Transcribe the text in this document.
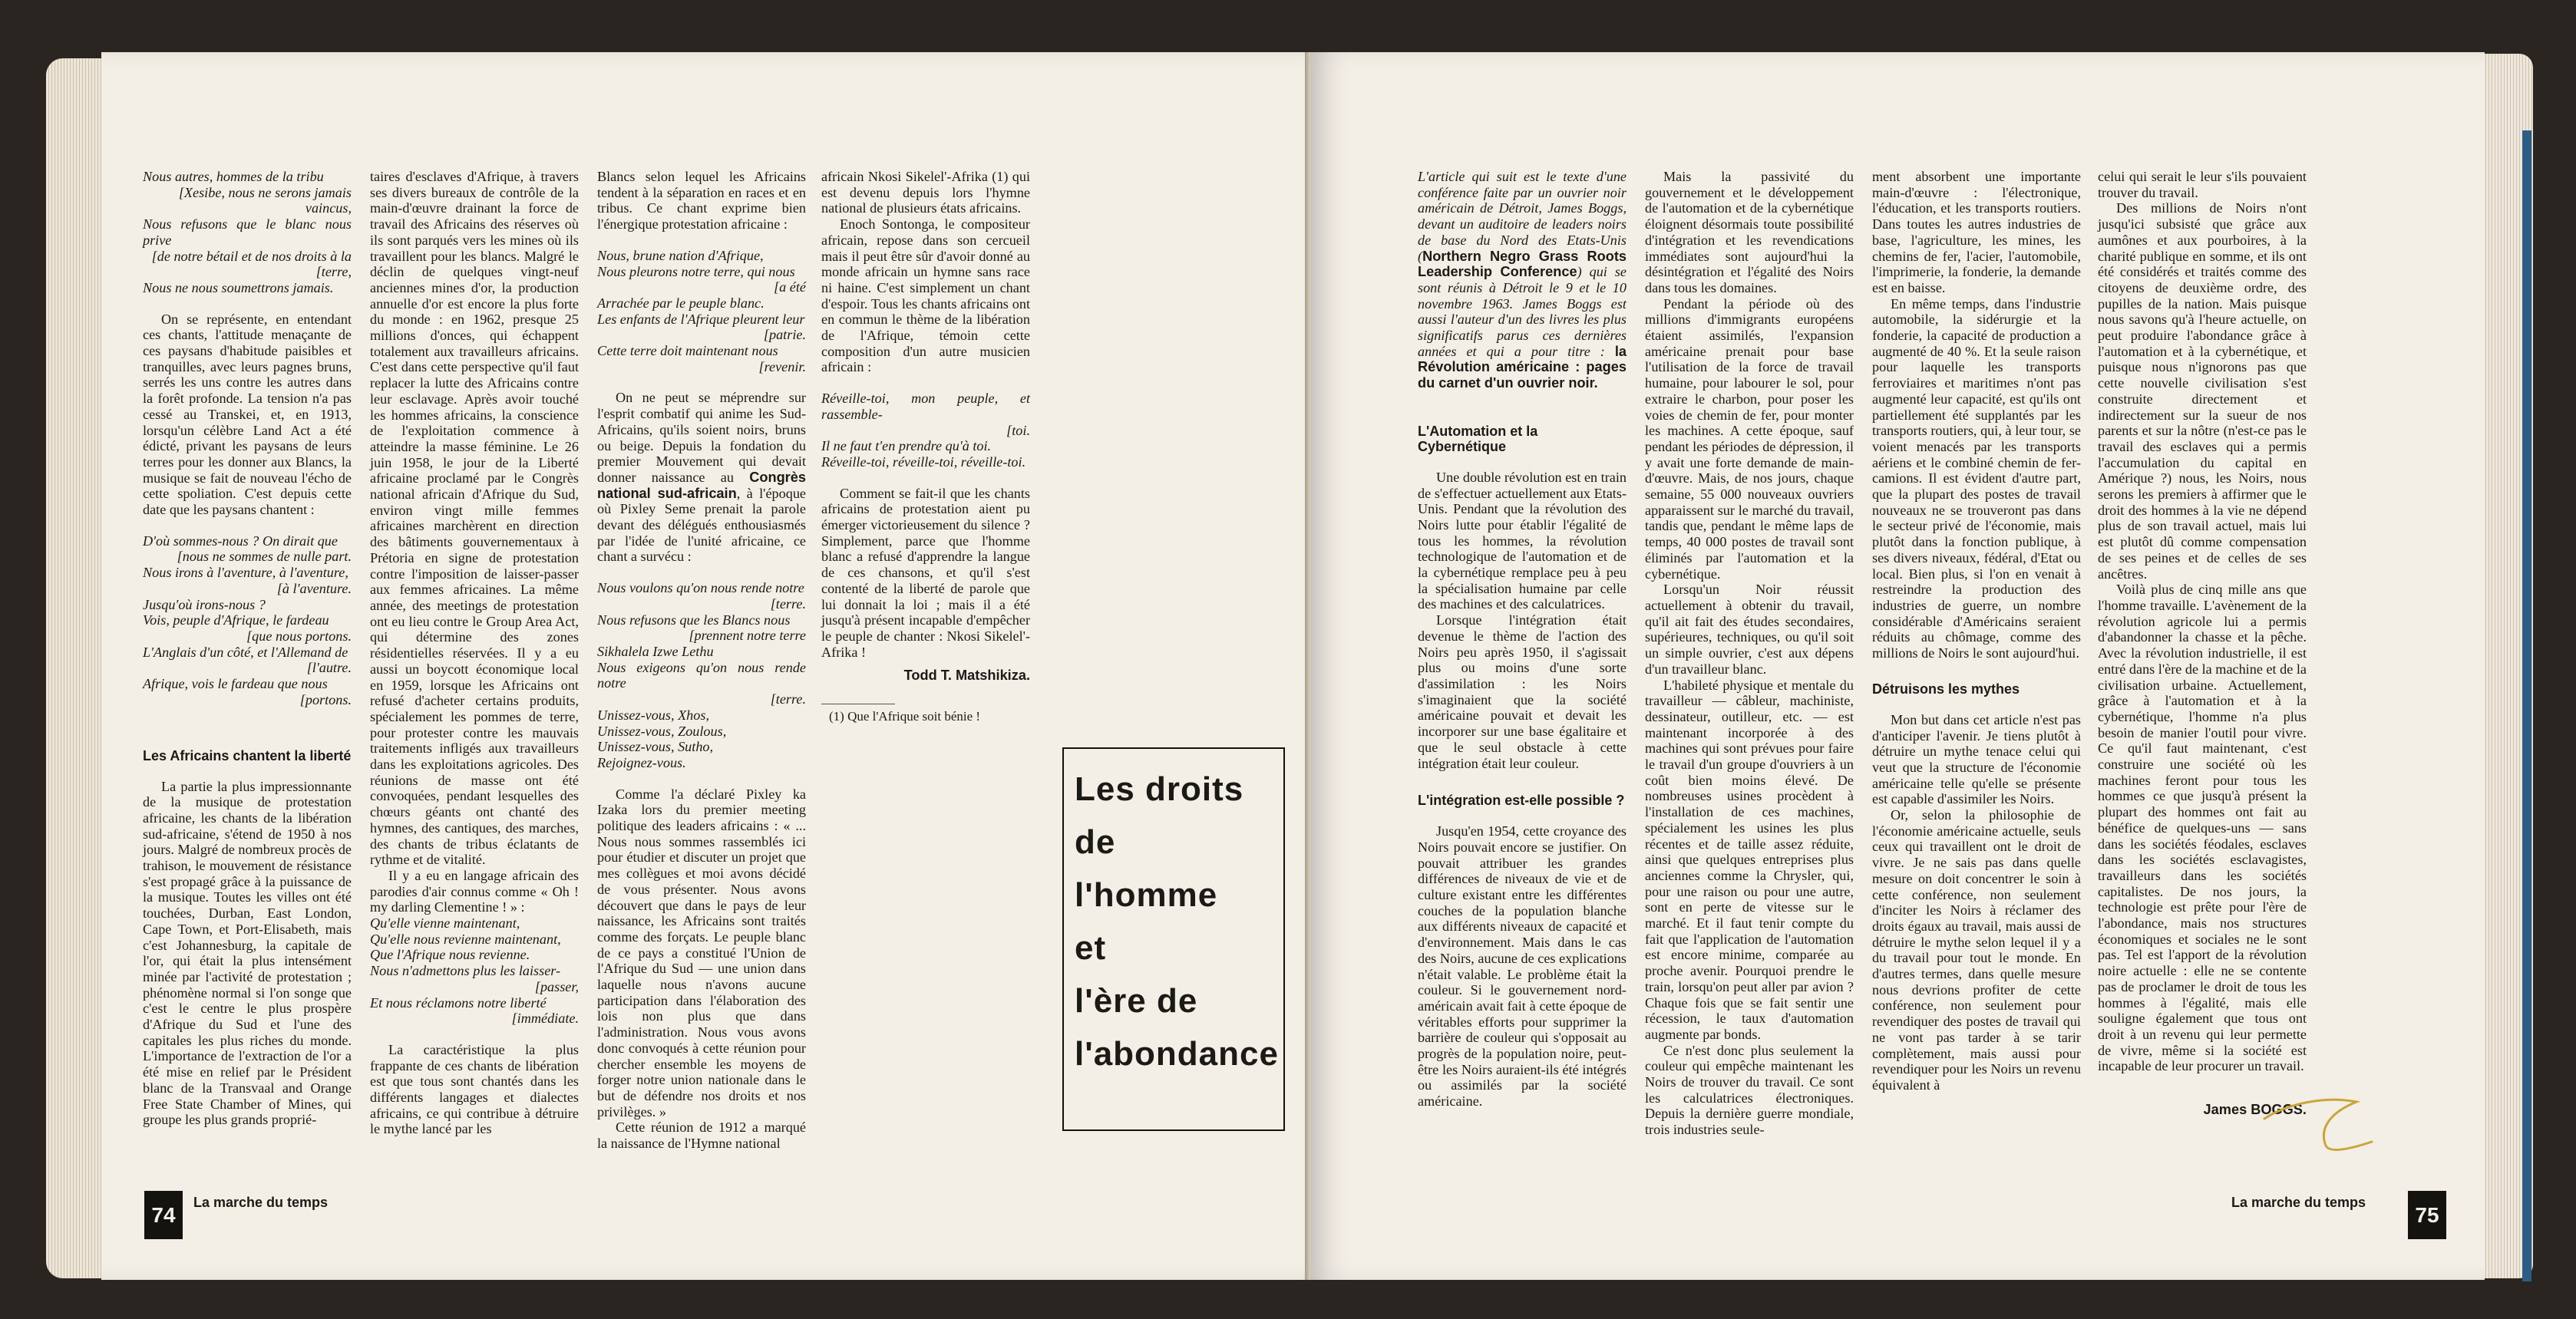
Nous autres, hommes de la tribu
[Xesibe, nous ne serons jamais
vaincus,
Nous refusons que le blanc nous prive
[de notre bétail et de nos droits à la
[terre,
Nous ne nous soumettrons jamais.

On se représente, en entendant ces chants, l'attitude menaçante de ces paysans d'habitude paisibles et tranquilles, avec leurs pagnes bruns, serrés les uns contre les autres dans la forêt profonde. La tension n'a pas cessé au Transkei, et, en 1913, lorsqu'un célèbre Land Act a été édicté, privant les paysans de leurs terres pour les donner aux Blancs, la musique se fait de nouveau l'écho de cette spoliation. C'est depuis cette date que les paysans chantent :

D'où sommes-nous ? On dirait que
[nous ne sommes de nulle part.
Nous irons à l'aventure, à l'aventure,
[à l'aventure.
Jusqu'où irons-nous ?
Vois, peuple d'Afrique, le fardeau
[que nous portons.
L'Anglais d'un côté, et l'Allemand de
[l'autre.
Afrique, vois le fardeau que nous
[portons.
Les Africains chantent la liberté

La partie la plus impressionnante de la musique de protestation africaine, les chants de la libération sud-africaine, s'étend de 1950 à nos jours. Malgré de nombreux procès de trahison, le mouvement de résistance s'est propagé grâce à la puissance de la musique. Toutes les villes ont été touchées, Durban, East London, Cape Town, et Port-Elisabeth, mais c'est Johannesburg, la capitale de l'or, qui était la plus intensément minée par l'activité de protestation ; phénomène normal si l'on songe que c'est le centre le plus prospère d'Afrique du Sud et l'une des capitales les plus riches du monde. L'importance de l'extraction de l'or a été mise en relief par le Président blanc de la Transvaal and Orange Free State Chamber of Mines, qui groupe les plus grands proprié-

taires d'esclaves d'Afrique, à travers ses divers bureaux de contrôle de la main-d'œuvre drainant la force de travail des Africains des réserves où ils sont parqués vers les mines où ils travaillent pour les blancs. Malgré le déclin de quelques vingt-neuf anciennes mines d'or, la production annuelle d'or est encore la plus forte du monde : en 1962, presque 25 millions d'onces, qui échappent totalement aux travailleurs africains. C'est dans cette perspective qu'il faut replacer la lutte des Africains contre leur esclavage. Après avoir touché les hommes africains, la conscience de l'exploitation commence à atteindre la masse féminine. Le 26 juin 1958, le jour de la Liberté africaine proclamé par le Congrès national africain d'Afrique du Sud, environ vingt mille femmes africaines marchèrent en direction des bâtiments gouvernementaux à Prétoria en signe de protestation contre l'imposition de laisser-passer aux femmes africaines. La même année, des meetings de protestation ont eu lieu contre le Group Area Act, qui détermine des zones résidentielles réservées. Il y a eu aussi un boycott économique local en 1959, lorsque les Africains ont refusé d'acheter certains produits, spécialement les pommes de terre, pour protester contre les mauvais traitements infligés aux travailleurs dans les exploitations agricoles. Des réunions de masse ont été convoquées, pendant lesquelles des chœurs géants ont chanté des hymnes, des cantiques, des marches, des chants de tribus éclatants de rythme et de vitalité.

Il y a eu en langage africain des parodies d'air connus comme « Oh ! my darling Clementine ! » :

Qu'elle vienne maintenant,
Qu'elle nous revienne maintenant,
Que l'Afrique nous revienne.
Nous n'admettons plus les laisser-
[passer,
Et nous réclamons notre liberté
[immédiate.

La caractéristique la plus frappante de ces chants de libération est que tous sont chantés dans les différents langages et dialectes africains, ce qui contribue à détruire le mythe lancé par les

Blancs selon lequel les Africains tendent à la séparation en races et en tribus. Ce chant exprime bien l'énergique protestation africaine :

Nous, brune nation d'Afrique,
Nous pleurons notre terre, qui nous
[a été
Arrachée par le peuple blanc.
Les enfants de l'Afrique pleurent leur
[patrie.
Cette terre doit maintenant nous
[revenir.

On ne peut se méprendre sur l'esprit combatif qui anime les Sud-Africains, qu'ils soient noirs, bruns ou beige. Depuis la fondation du premier Mouvement qui devait donner naissance au Congrès national sud-africain, à l'époque où Pixley Seme prenait la parole devant des délégués enthousiasmés par l'idée de l'unité africaine, ce chant a survécu :

Nous voulons qu'on nous rende notre
[terre.
Nous refusons que les Blancs nous
[prennent notre terre
Sikhalela Izwe Lethu
Nous exigeons qu'on nous rende notre
[terre.
Unissez-vous, Xhos,
Unissez-vous, Zoulous,
Unissez-vous, Sutho,
Rejoignez-vous.

Comme l'a déclaré Pixley ka Izaka lors du premier meeting politique des leaders africains : « ... Nous nous sommes rassemblés ici pour étudier et discuter un projet que mes collègues et moi avons décidé de vous présenter. Nous avons découvert que dans le pays de leur naissance, les Africains sont traités comme des forçats. Le peuple blanc de ce pays a constitué l'Union de l'Afrique du Sud — une union dans laquelle nous n'avons aucune participation dans l'élaboration des lois non plus que dans l'administration. Nous vous avons donc convoqués à cette réunion pour chercher ensemble les moyens de forger notre union nationale dans le but de défendre nos droits et nos privilèges. »

Cette réunion de 1912 a marqué la naissance de l'Hymne national

africain Nkosi Sikelel'-Afrika (1) qui est devenu depuis lors l'hymne national de plusieurs états africains.

Enoch Sontonga, le compositeur africain, repose dans son cercueil mais il peut être sûr d'avoir donné au monde africain un hymne sans race ni haine. C'est simplement un chant d'espoir. Tous les chants africains ont en commun le thème de la libération de l'Afrique, témoin cette composition d'un autre musicien africain :

Réveille-toi, mon peuple, et rassemble-
[toi.
Il ne faut t'en prendre qu'à toi.
Réveille-toi, réveille-toi, réveille-toi.

Comment se fait-il que les chants africains de protestation aient pu émerger victorieusement du silence ? Simplement, parce que l'homme blanc a refusé d'apprendre la langue de ces chansons, et qu'il s'est contenté de la liberté de parole que lui donnait la loi ; mais il a été jusqu'à présent incapable d'empêcher le peuple de chanter : Nkosi Sikelel'-Afrika !

Todd T. Matshikiza.

(1) Que l'Afrique soit bénie !

Les droits
de
l'homme
et
l'ère de
l'abondance
74
La marche du temps

L'article qui suit est le texte d'une conférence faite par un ouvrier noir américain de Détroit, James Boggs, devant un auditoire de leaders noirs de base du Nord des Etats-Unis (Northern Negro Grass Roots Leadership Conference) qui se sont réunis à Détroit le 9 et le 10 novembre 1963. James Boggs est aussi l'auteur d'un des livres les plus significatifs parus ces dernières années et qui a pour titre : la Révolution américaine : pages du carnet d'un ouvrier noir.

L'Automation et la Cybernétique

Une double révolution est en train de s'effectuer actuellement aux Etats-Unis. Pendant que la révolution des Noirs lutte pour établir l'égalité de tous les hommes, la révolution technologique de l'automation et de la cybernétique remplace peu à peu la spécialisation humaine par celle des machines et des calculatrices.

Lorsque l'intégration était devenue le thème de l'action des Noirs peu après 1950, il s'agissait plus ou moins d'une sorte d'assimilation : les Noirs s'imaginaient que la société américaine pouvait et devait les incorporer sur une base égalitaire et que le seul obstacle à cette intégration était leur couleur.

L'intégration est-elle possible ?

Jusqu'en 1954, cette croyance des Noirs pouvait encore se justifier. On pouvait attribuer les grandes différences de niveaux de vie et de culture existant entre les différentes couches de la population blanche aux différents niveaux de capacité et d'environnement. Mais dans le cas des Noirs, aucune de ces explications n'était valable. Le problème était la couleur. Si le gouvernement nord-américain avait fait à cette époque de véritables efforts pour supprimer la barrière de couleur qui s'opposait au progrès de la population noire, peut-être les Noirs auraient-ils été intégrés ou assimilés par la société américaine.

Mais la passivité du gouvernement et le développement de l'automation et de la cybernétique éloignent désormais toute possibilité d'intégration et les revendications immédiates sont aujourd'hui la désintégration et l'égalité des Noirs dans tous les domaines.

Pendant la période où des millions d'immigrants européens étaient assimilés, l'expansion américaine prenait pour base l'utilisation de la force de travail humaine, pour labourer le sol, pour extraire le charbon, pour poser les voies de chemin de fer, pour monter les machines. A cette époque, sauf pendant les périodes de dépression, il y avait une forte demande de main-d'œuvre. Mais, de nos jours, chaque semaine, 55 000 nouveaux ouvriers apparaissent sur le marché du travail, tandis que, pendant le même laps de temps, 40 000 postes de travail sont éliminés par l'automation et la cybernétique.

Lorsqu'un Noir réussit actuellement à obtenir du travail, qu'il ait fait des études secondaires, supérieures, techniques, ou qu'il soit un simple ouvrier, c'est aux dépens d'un travailleur blanc.

L'habileté physique et mentale du travailleur — câbleur, machiniste, dessinateur, outilleur, etc. — est maintenant incorporée à des machines qui sont prévues pour faire le travail d'un groupe d'ouvriers à un coût bien moins élevé. De nombreuses usines procèdent à l'installation de ces machines, spécialement les usines les plus récentes et de taille assez réduite, ainsi que quelques entreprises plus anciennes comme la Chrysler, qui, pour une raison ou pour une autre, sont en perte de vitesse sur le marché. Et il faut tenir compte du fait que l'application de l'automation est encore minime, comparée au proche avenir. Pourquoi prendre le train, lorsqu'on peut aller par avion ? Chaque fois que se fait sentir une récession, le taux d'automation augmente par bonds.

Ce n'est donc plus seulement la couleur qui empêche maintenant les Noirs de trouver du travail. Ce sont les calculatrices électroniques. Depuis la dernière guerre mondiale, trois industries seule-

ment absorbent une importante main-d'œuvre : l'électronique, l'éducation, et les transports routiers. Dans toutes les autres industries de base, l'agriculture, les mines, les chemins de fer, l'acier, l'automobile, l'imprimerie, la fonderie, la demande est en baisse.

En même temps, dans l'industrie automobile, la sidérurgie et la fonderie, la capacité de production a augmenté de 40 %. Et la seule raison pour laquelle les transports ferroviaires et maritimes n'ont pas augmenté leur capacité, est qu'ils ont partiellement été supplantés par les transports routiers, qui, à leur tour, se voient menacés par les transports aériens et le combiné chemin de fer-camions. Il est évident d'autre part, que la plupart des postes de travail nouveaux ne se trouveront pas dans le secteur privé de l'économie, mais plutôt dans la fonction publique, à ses divers niveaux, fédéral, d'Etat ou local. Bien plus, si l'on en venait à restreindre la production des industries de guerre, un nombre considérable d'Américains seraient réduits au chômage, comme des millions de Noirs le sont aujourd'hui.

Détruisons les mythes

Mon but dans cet article n'est pas d'anticiper l'avenir. Je tiens plutôt à détruire un mythe tenace celui qui veut que la structure de l'économie américaine telle qu'elle se présente est capable d'assimiler les Noirs.

Or, selon la philosophie de l'économie américaine actuelle, seuls ceux qui travaillent ont le droit de vivre. Je ne sais pas dans quelle mesure on doit concentrer le soin à cette conférence, non seulement d'inciter les Noirs à réclamer des droits égaux au travail, mais aussi de détruire le mythe selon lequel il y a du travail pour tout le monde. En d'autres termes, dans quelle mesure nous devrions profiter de cette conférence, non seulement pour revendiquer des postes de travail qui ne vont pas tarder à se tarir complètement, mais aussi pour revendiquer pour les Noirs un revenu équivalent à

celui qui serait le leur s'ils pouvaient trouver du travail.

Des millions de Noirs n'ont jusqu'ici subsisté que grâce aux aumônes et aux pourboires, à la charité publique en somme, et ils ont été considérés et traités comme des citoyens de deuxième ordre, des pupilles de la nation. Mais puisque nous savons qu'à l'heure actuelle, on peut produire l'abondance grâce à l'automation et à la cybernétique, et puisque nous n'ignorons pas que cette nouvelle civilisation s'est construite directement et indirectement sur la sueur de nos parents et sur la nôtre (n'est-ce pas le travail des esclaves qui a permis l'accumulation du capital en Amérique ?) nous, les Noirs, nous serons les premiers à affirmer que le droit des hommes à la vie ne dépend plus de son travail actuel, mais lui est plutôt dû comme compensation de ses peines et de celles de ses ancêtres.

Voilà plus de cinq mille ans que l'homme travaille. L'avènement de la révolution agricole lui a permis d'abandonner la chasse et la pêche. Avec la révolution industrielle, il est entré dans l'ère de la machine et de la civilisation urbaine. Actuellement, grâce à l'automation et à la cybernétique, l'homme n'a plus besoin de manier l'outil pour vivre. Ce qu'il faut maintenant, c'est construire une société où les machines feront pour tous les hommes ce que jusqu'à présent la plupart des hommes ont fait au bénéfice de quelques-uns — sans dans les sociétés féodales, esclaves dans les sociétés esclavagistes, travailleurs dans les sociétés capitalistes. De nos jours, la technologie est prête pour l'ère de l'abondance, mais nos structures économiques et sociales ne le sont pas. Tel est l'apport de la révolution noire actuelle : elle ne se contente pas de proclamer le droit de tous les hommes à l'égalité, mais elle souligne également que tous ont droit à un revenu qui leur permette de vivre, même si la société est incapable de leur procurer un travail.

James BOGGS.
La marche du temps
75
